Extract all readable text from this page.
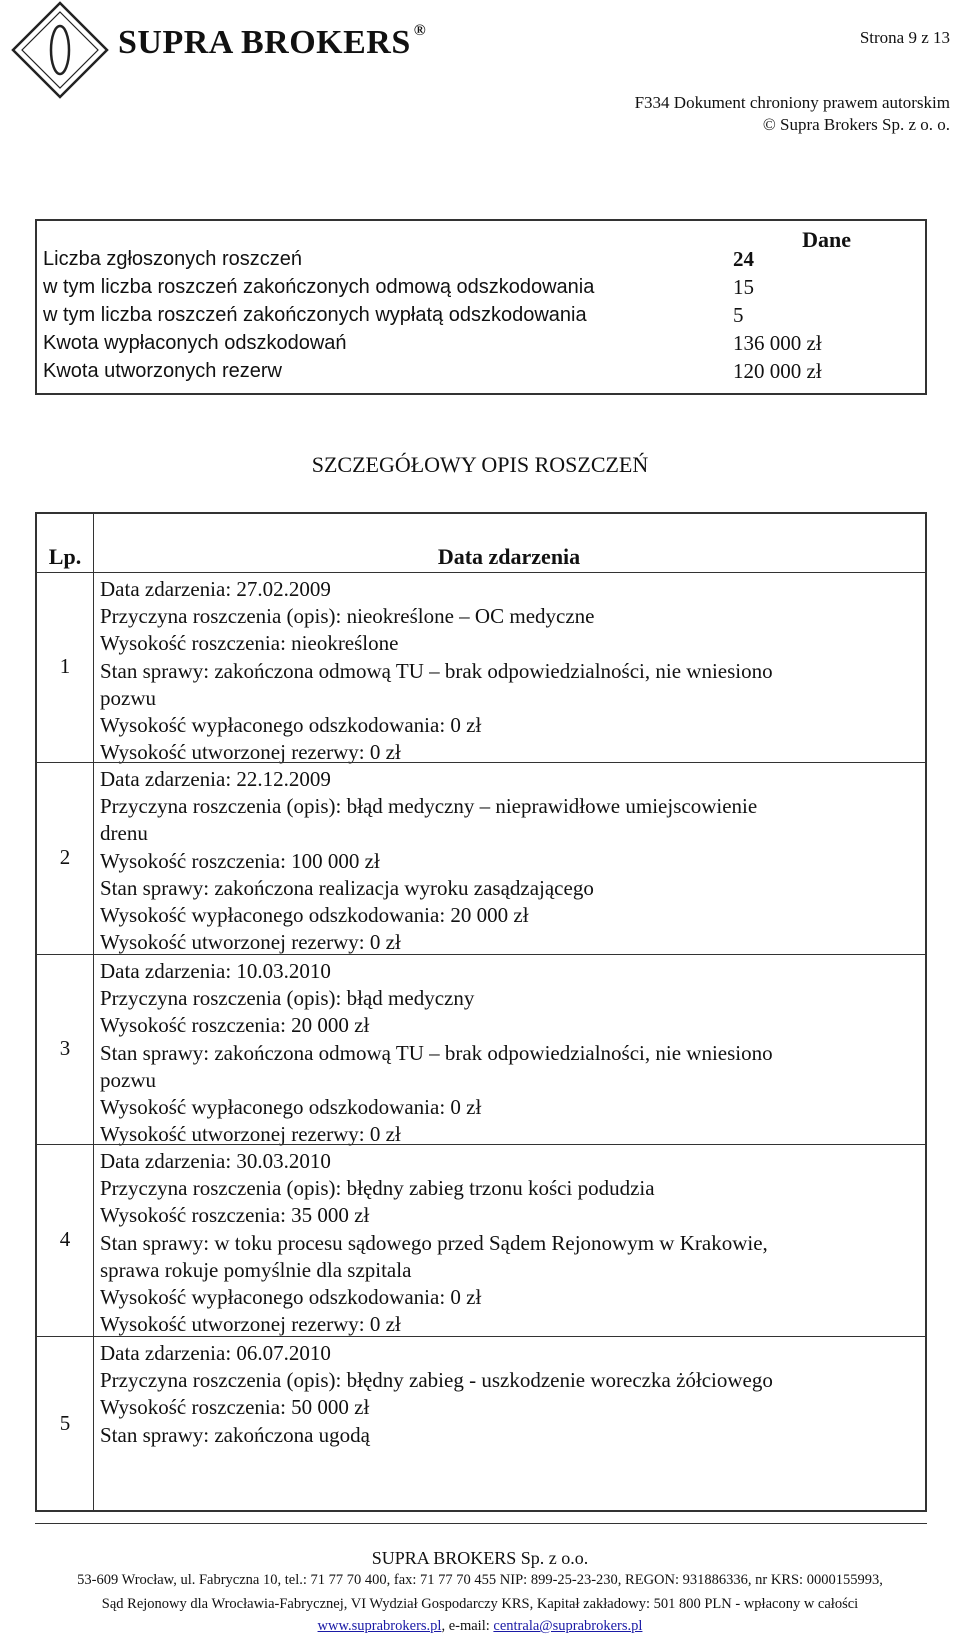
SUPRA BROKERS ®	Strona 9 z 13
F334 Dokument chroniony prawem autorskim
© Supra Brokers Sp. z o. o.
Dane
Liczba zgłoszonych roszczeń	24
w tym liczba roszczeń zakończonych odmową odszkodowania	15
w tym liczba roszczeń zakończonych wypłatą odszkodowania	5
Kwota wypłaconych odszkodowań	136 000 zł
Kwota utworzonych rezerw	120 000 zł
SZCZEGÓŁOWY OPIS ROSZCZEŃ
Lp.	Data zdarzenia
1
Data zdarzenia: 27.02.2009
Przyczyna roszczenia (opis): nieokreślone – OC medyczne
Wysokość roszczenia: nieokreślone
Stan sprawy: zakończona odmową TU – brak odpowiedzialności, nie wniesiono
pozwu
Wysokość wypłaconego odszkodowania: 0 zł
Wysokość utworzonej rezerwy: 0 zł
2
Data zdarzenia: 22.12.2009
Przyczyna roszczenia (opis): błąd medyczny – nieprawidłowe umiejscowienie
drenu
Wysokość roszczenia: 100 000 zł
Stan sprawy: zakończona realizacja wyroku zasądzającego
Wysokość wypłaconego odszkodowania: 20 000 zł
Wysokość utworzonej rezerwy: 0 zł
3
Data zdarzenia: 10.03.2010
Przyczyna roszczenia (opis): błąd medyczny
Wysokość roszczenia: 20 000 zł
Stan sprawy: zakończona odmową TU – brak odpowiedzialności, nie wniesiono
pozwu
Wysokość wypłaconego odszkodowania: 0 zł
Wysokość utworzonej rezerwy: 0 zł
4
Data zdarzenia: 30.03.2010
Przyczyna roszczenia (opis): błędny zabieg trzonu kości podudzia
Wysokość roszczenia: 35 000 zł
Stan sprawy: w toku procesu sądowego przed Sądem Rejonowym w Krakowie,
sprawa rokuje pomyślnie dla szpitala
Wysokość wypłaconego odszkodowania: 0 zł
Wysokość utworzonej rezerwy: 0 zł
5
Data zdarzenia: 06.07.2010
Przyczyna roszczenia (opis): błędny zabieg - uszkodzenie woreczka żółciowego
Wysokość roszczenia: 50 000 zł
Stan sprawy: zakończona ugodą
SUPRA BROKERS Sp. z o.o.
53-609 Wrocław, ul. Fabryczna 10, tel.: 71 77 70 400, fax: 71 77 70 455 NIP: 899-25-23-230, REGON: 931886336, nr KRS: 0000155993,
Sąd Rejonowy dla Wrocławia-Fabrycznej, VI Wydział Gospodarczy KRS, Kapitał zakładowy: 501 800 PLN - wpłacony w całości
www.suprabrokers.pl, e-mail: centrala@suprabrokers.pl
